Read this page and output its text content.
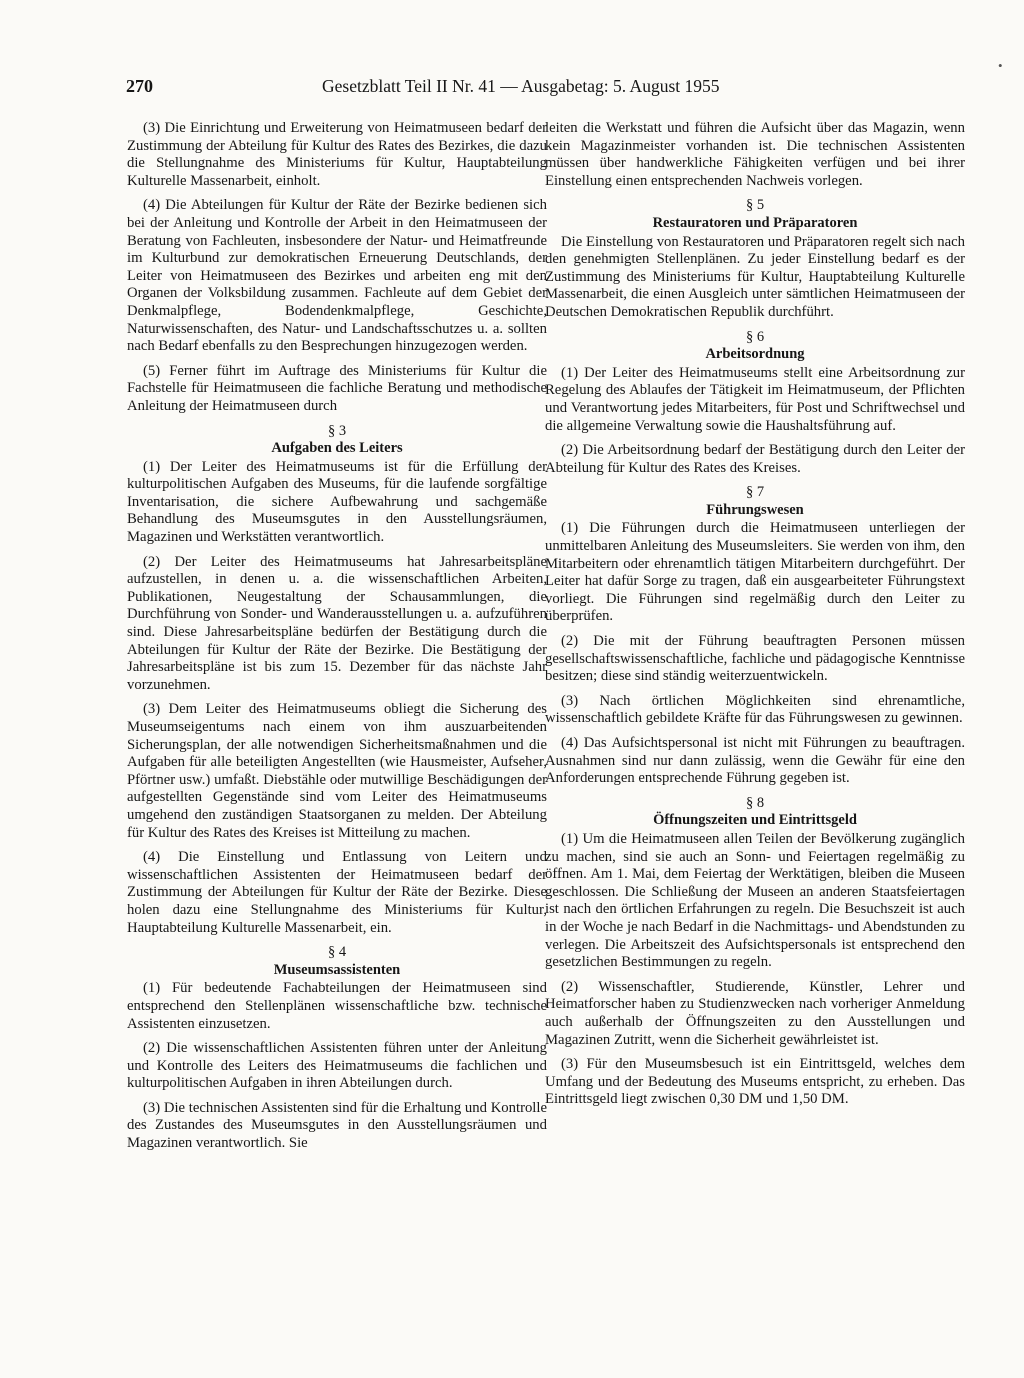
270	Gesetzblatt Teil II Nr. 41 — Ausgabetag: 5. August 1955
•

(3) Die Einrichtung und Erweiterung von Heimatmuseen bedarf der Zustimmung der Abteilung für Kultur des Rates des Bezirkes, die dazu die Stellungnahme des Ministeriums für Kultur, Hauptabteilung Kulturelle Massenarbeit, einholt.

(4) Die Abteilungen für Kultur der Räte der Bezirke bedienen sich bei der Anleitung und Kontrolle der Arbeit in den Heimatmuseen der Beratung von Fachleuten, insbesondere der Natur- und Heimatfreunde im Kulturbund zur demokratischen Erneuerung Deutschlands, der Leiter von Heimatmuseen des Bezirkes und arbeiten eng mit den Organen der Volksbildung zusammen. Fachleute auf dem Gebiet der Denkmalpflege, Bodendenkmalpflege, Geschichte, Naturwissenschaften, des Natur- und Landschaftsschutzes u. a. sollten nach Bedarf ebenfalls zu den Besprechungen hinzugezogen werden.

(5) Ferner führt im Auftrage des Ministeriums für Kultur die Fachstelle für Heimatmuseen die fachliche Beratung und methodische Anleitung der Heimatmuseen durch

§ 3
Aufgaben des Leiters

(1) Der Leiter des Heimatmuseums ist für die Erfüllung der kulturpolitischen Aufgaben des Museums, für die laufende sorgfältige Inventarisation, die sichere Aufbewahrung und sachgemäße Behandlung des Museumsgutes in den Ausstellungsräumen, Magazinen und Werkstätten verantwortlich.

(2) Der Leiter des Heimatmuseums hat Jahresarbeitspläne aufzustellen, in denen u. a. die wissenschaftlichen Arbeiten, Publikationen, Neugestaltung der Schausammlungen, die Durchführung von Sonder- und Wanderausstellungen u. a. aufzuführen sind. Diese Jahresarbeitspläne bedürfen der Bestätigung durch die Abteilungen für Kultur der Räte der Bezirke. Die Bestätigung der Jahresarbeitspläne ist bis zum 15. Dezember für das nächste Jahr vorzunehmen.

(3) Dem Leiter des Heimatmuseums obliegt die Sicherung des Museumseigentums nach einem von ihm auszuarbeitenden Sicherungsplan, der alle notwendigen Sicherheitsmaßnahmen und die Aufgaben für alle beteiligten Angestellten (wie Hausmeister, Aufseher, Pförtner usw.) umfaßt. Diebstähle oder mutwillige Beschädigungen der aufgestellten Gegenstände sind vom Leiter des Heimatmuseums umgehend den zuständigen Staatsorganen zu melden. Der Abteilung für Kultur des Rates des Kreises ist Mitteilung zu machen.

(4) Die Einstellung und Entlassung von Leitern und wissenschaftlichen Assistenten der Heimatmuseen bedarf der Zustimmung der Abteilungen für Kultur der Räte der Bezirke. Diese holen dazu eine Stellungnahme des Ministeriums für Kultur, Hauptabteilung Kulturelle Massenarbeit, ein.

§ 4
Museumsassistenten

(1) Für bedeutende Fachabteilungen der Heimatmuseen sind entsprechend den Stellenplänen wissenschaftliche bzw. technische Assistenten einzusetzen.

(2) Die wissenschaftlichen Assistenten führen unter der Anleitung und Kontrolle des Leiters des Heimatmuseums die fachlichen und kulturpolitischen Aufgaben in ihren Abteilungen durch.

(3) Die technischen Assistenten sind für die Erhaltung und Kontrolle des Zustandes des Museumsgutes in den Ausstellungsräumen und Magazinen verantwortlich. Sie

leiten die Werkstatt und führen die Aufsicht über das Magazin, wenn kein Magazinmeister vorhanden ist. Die technischen Assistenten müssen über handwerkliche Fähigkeiten verfügen und bei ihrer Einstellung einen entsprechenden Nachweis vorlegen.

§ 5
Restauratoren und Präparatoren

Die Einstellung von Restauratoren und Präparatoren regelt sich nach den genehmigten Stellenplänen. Zu jeder Einstellung bedarf es der Zustimmung des Ministeriums für Kultur, Hauptabteilung Kulturelle Massenarbeit, die einen Ausgleich unter sämtlichen Heimatmuseen der Deutschen Demokratischen Republik durchführt.

§ 6
Arbeitsordnung

(1) Der Leiter des Heimatmuseums stellt eine Arbeitsordnung zur Regelung des Ablaufes der Tätigkeit im Heimatmuseum, der Pflichten und Verantwortung jedes Mitarbeiters, für Post und Schriftwechsel und die allgemeine Verwaltung sowie die Haushaltsführung auf.

(2) Die Arbeitsordnung bedarf der Bestätigung durch den Leiter der Abteilung für Kultur des Rates des Kreises.

§ 7
Führungswesen

(1) Die Führungen durch die Heimatmuseen unterliegen der unmittelbaren Anleitung des Museumsleiters. Sie werden von ihm, den Mitarbeitern oder ehrenamtlich tätigen Mitarbeitern durchgeführt. Der Leiter hat dafür Sorge zu tragen, daß ein ausgearbeiteter Führungstext vorliegt. Die Führungen sind regelmäßig durch den Leiter zu überprüfen.

(2) Die mit der Führung beauftragten Personen müssen gesellschaftswissenschaftliche, fachliche und pädagogische Kenntnisse besitzen; diese sind ständig weiterzuentwickeln.

(3) Nach örtlichen Möglichkeiten sind ehrenamtliche, wissenschaftlich gebildete Kräfte für das Führungswesen zu gewinnen.

(4) Das Aufsichtspersonal ist nicht mit Führungen zu beauftragen. Ausnahmen sind nur dann zulässig, wenn die Gewähr für eine den Anforderungen entsprechende Führung gegeben ist.

§ 8
Öffnungszeiten und Eintrittsgeld

(1) Um die Heimatmuseen allen Teilen der Bevölkerung zugänglich zu machen, sind sie auch an Sonn- und Feiertagen regelmäßig zu öffnen. Am 1. Mai, dem Feiertag der Werktätigen, bleiben die Museen geschlossen. Die Schließung der Museen an anderen Staatsfeiertagen ist nach den örtlichen Erfahrungen zu regeln. Die Besuchszeit ist auch in der Woche je nach Bedarf in die Nachmittags- und Abendstunden zu verlegen. Die Arbeitszeit des Aufsichtspersonals ist entsprechend den gesetzlichen Bestimmungen zu regeln.

(2) Wissenschaftler, Studierende, Künstler, Lehrer und Heimatforscher haben zu Studienzwecken nach vorheriger Anmeldung auch außerhalb der Öffnungszeiten zu den Ausstellungen und Magazinen Zutritt, wenn die Sicherheit gewährleistet ist.

(3) Für den Museumsbesuch ist ein Eintrittsgeld, welches dem Umfang und der Bedeutung des Museums entspricht, zu erheben. Das Eintrittsgeld liegt zwischen 0,30 DM und 1,50 DM.
